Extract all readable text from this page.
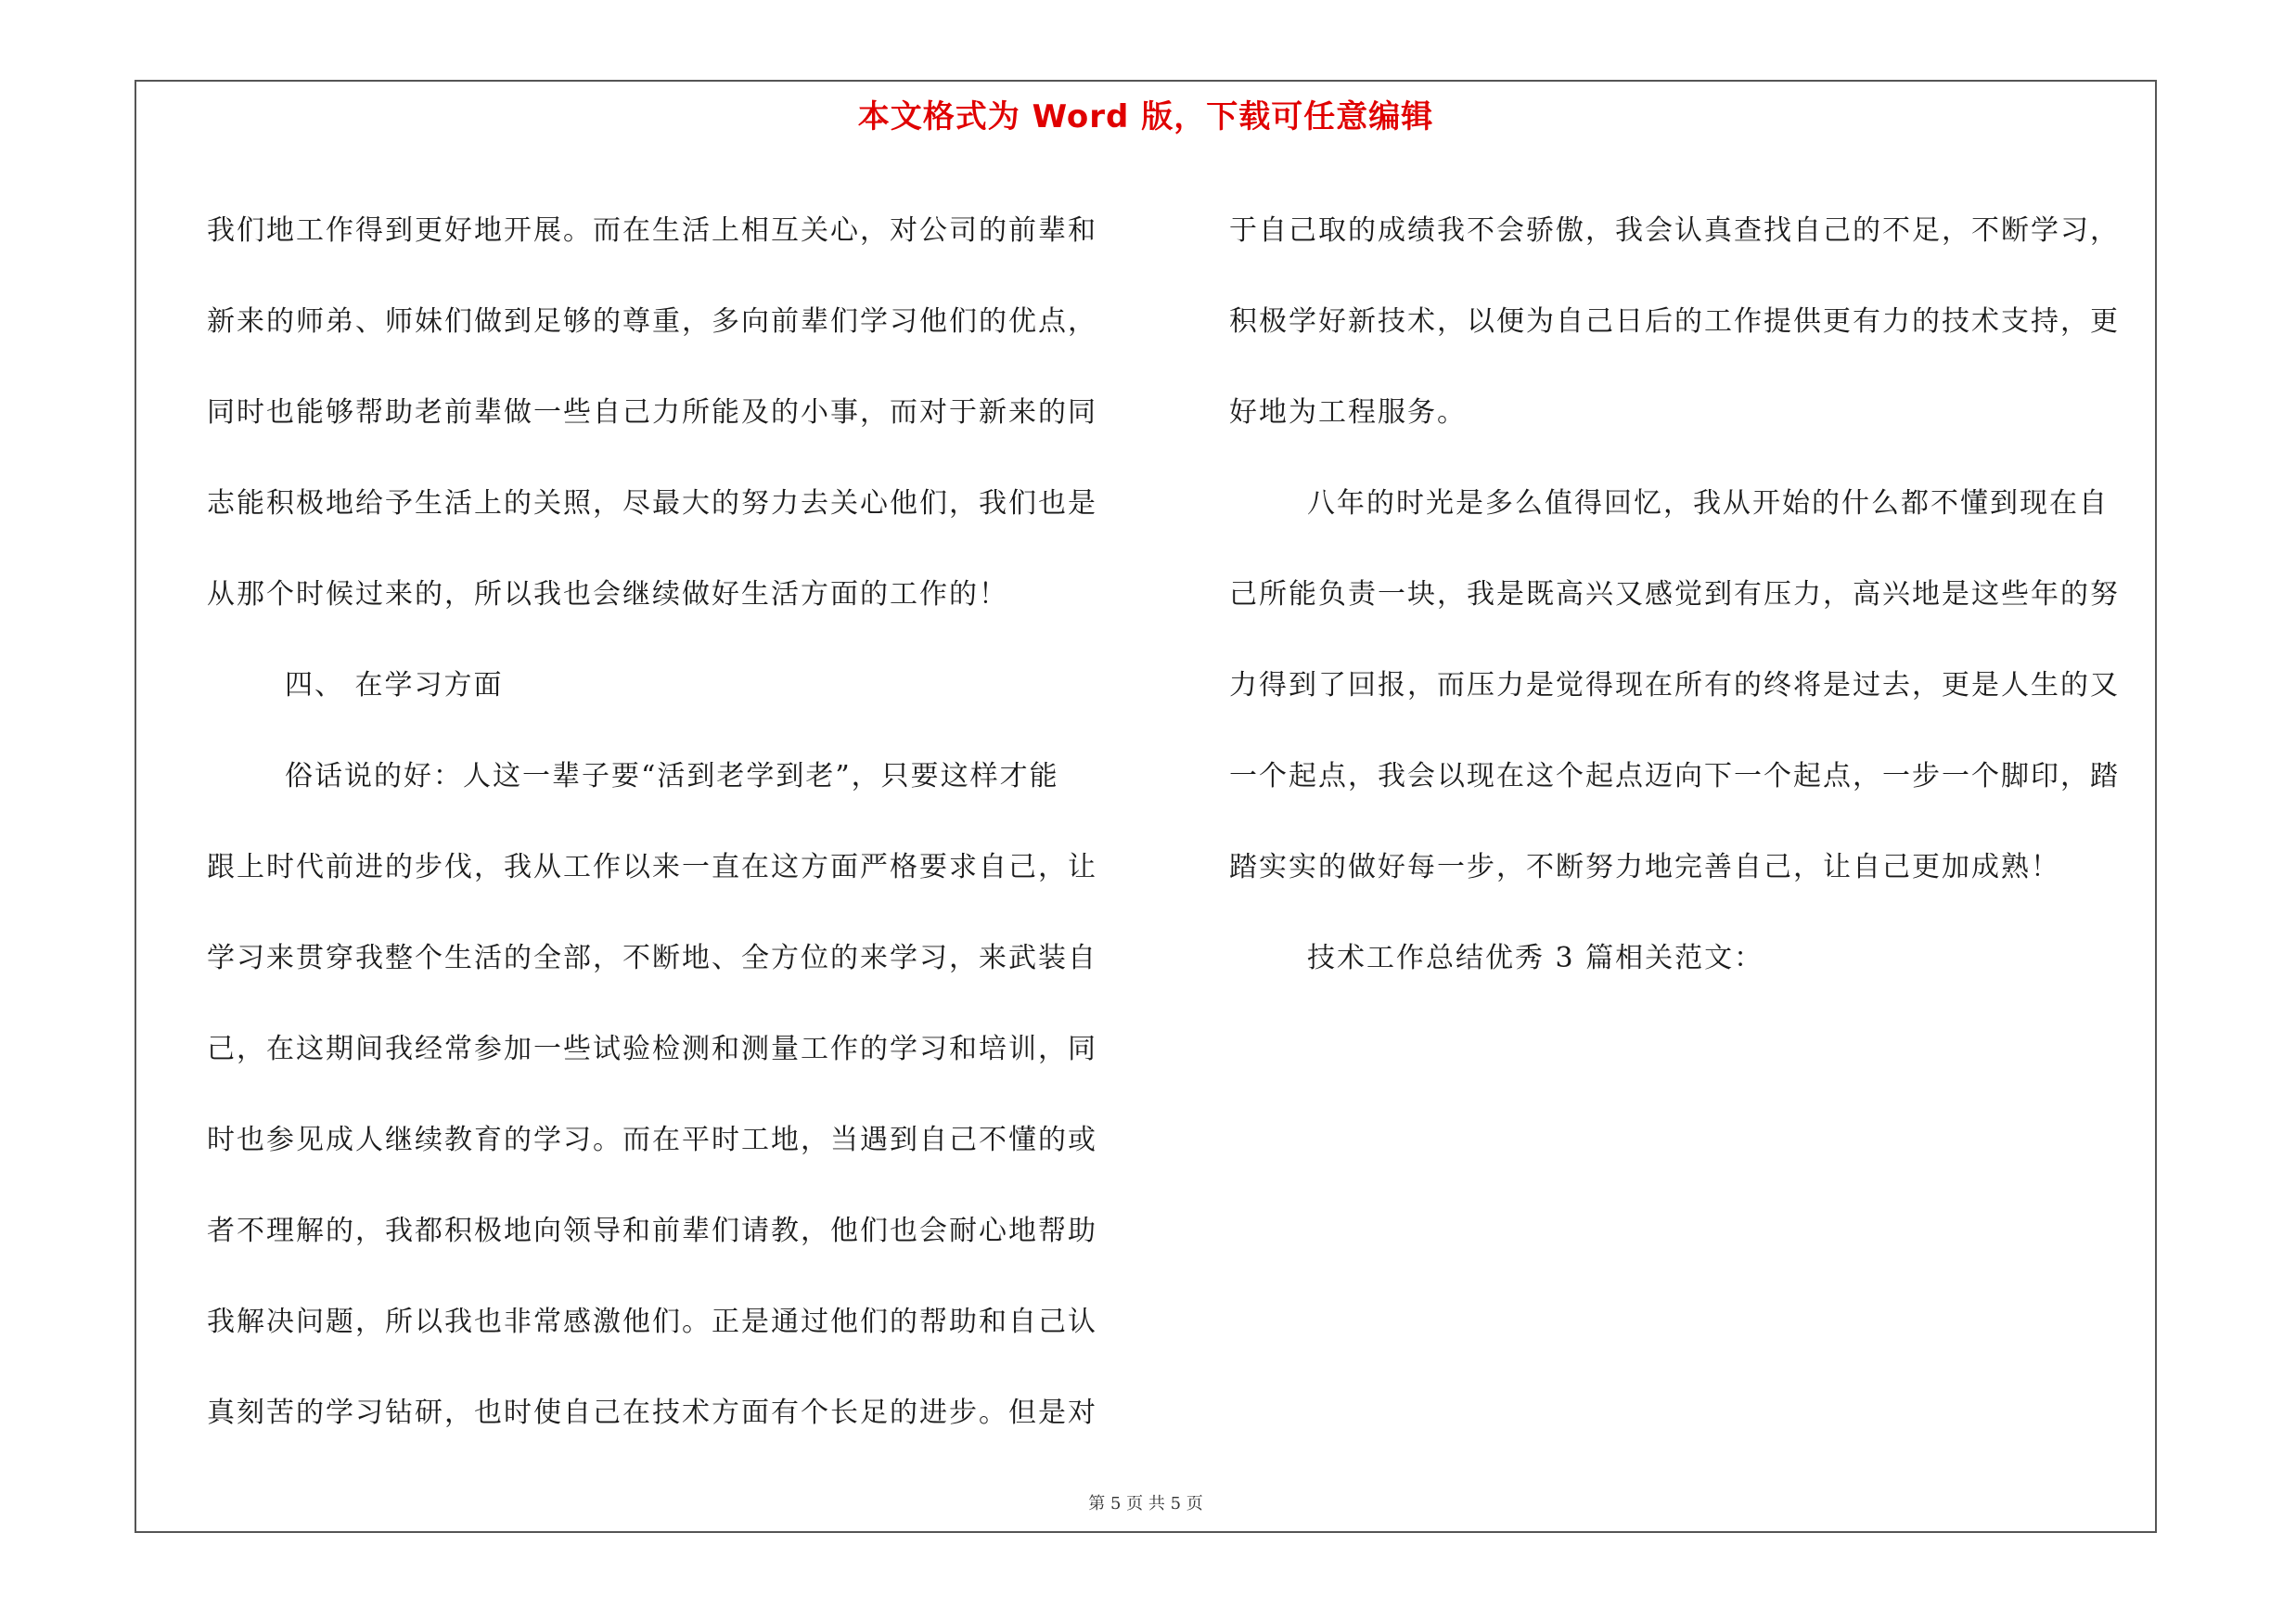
本文格式为 Word 版，下载可任意编辑
我们地工作得到更好地开展。而在生活上相互关心，对公司的前辈和
新来的师弟、师妹们做到足够的尊重，多向前辈们学习他们的优点，
同时也能够帮助老前辈做一些自己力所能及的小事，而对于新来的同
志能积极地给予生活上的关照，尽最大的努力去关心他们，我们也是
从那个时候过来的，所以我也会继续做好生活方面的工作的！
四、 在学习方面
俗话说的好：人这一辈子要“活到老学到老”，只要这样才能
跟上时代前进的步伐，我从工作以来一直在这方面严格要求自己，让
学习来贯穿我整个生活的全部，不断地、全方位的来学习，来武装自
己，在这期间我经常参加一些试验检测和测量工作的学习和培训，同
时也参见成人继续教育的学习。而在平时工地，当遇到自己不懂的或
者不理解的，我都积极地向领导和前辈们请教，他们也会耐心地帮助
我解决问题，所以我也非常感激他们。正是通过他们的帮助和自己认
真刻苦的学习钻研，也时使自己在技术方面有个长足的进步。但是对
于自己取的成绩我不会骄傲，我会认真查找自己的不足，不断学习，
积极学好新技术，以便为自己日后的工作提供更有力的技术支持，更
好地为工程服务。
八年的时光是多么值得回忆，我从开始的什么都不懂到现在自
己所能负责一块，我是既高兴又感觉到有压力，高兴地是这些年的努
力得到了回报，而压力是觉得现在所有的终将是过去，更是人生的又
一个起点，我会以现在这个起点迈向下一个起点，一步一个脚印，踏
踏实实的做好每一步，不断努力地完善自己，让自己更加成熟！
技术工作总结优秀 3 篇相关范文：
第 5 页 共 5 页
